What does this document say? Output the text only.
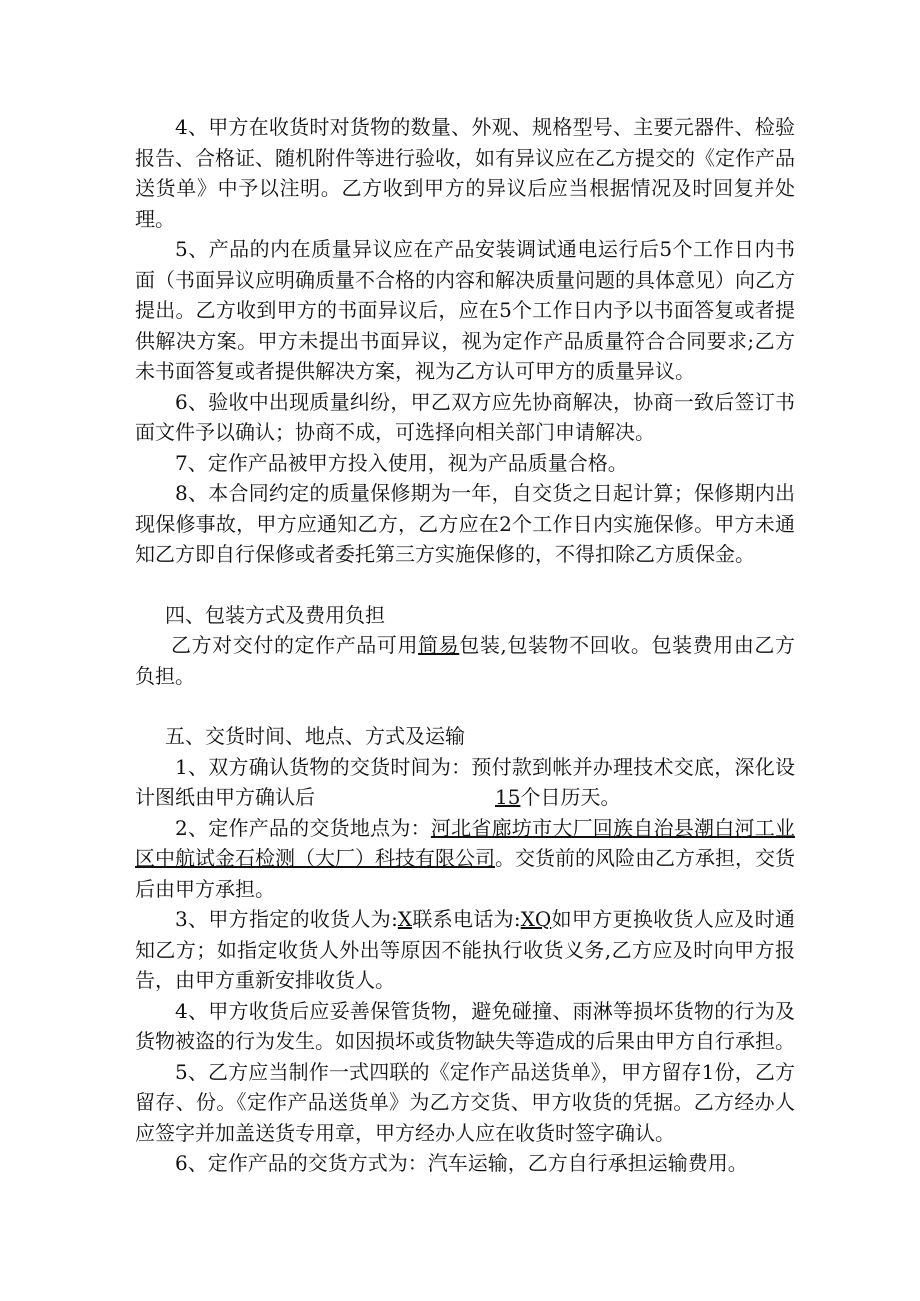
4、甲方在收货时对货物的数量、外观、规格型号、主要元器件、检验报告、合格证、随机附件等进行验收，如有异议应在乙方提交的《定作产品送货单》中予以注明。乙方收到甲方的异议后应当根据情况及时回复并处理。

5、产品的内在质量异议应在产品安装调试通电运行后5个工作日内书面（书面异议应明确质量不合格的内容和解决质量问题的具体意见）向乙方提出。乙方收到甲方的书面异议后，应在5个工作日内予以书面答复或者提供解决方案。甲方未提出书面异议，视为定作产品质量符合合同要求;乙方未书面答复或者提供解决方案，视为乙方认可甲方的质量异议。

6、验收中出现质量纠纷，甲乙双方应先协商解决，协商一致后签订书面文件予以确认；协商不成，可选择向相关部门申请解决。

7、定作产品被甲方投入使用，视为产品质量合格。

8、本合同约定的质量保修期为一年，自交货之日起计算；保修期内出现保修事故，甲方应通知乙方，乙方应在2个工作日内实施保修。甲方未通知乙方即自行保修或者委托第三方实施保修的，不得扣除乙方质保金。

四、包装方式及费用负担

乙方对交付的定作产品可用简易包装,包装物不回收。包装费用由乙方负担。

五、交货时间、地点、方式及运输

1、双方确认货物的交货时间为：预付款到帐并办理技术交底，深化设计图纸由甲方确认后	15个日历天。

2、定作产品的交货地点为：河北省廊坊市大厂回族自治县潮白河工业区中航试金石检测（大厂）科技有限公司。交货前的风险由乙方承担，交货后由甲方承担。

3、甲方指定的收货人为:X联系电话为:XQ如甲方更换收货人应及时通知乙方；如指定收货人外出等原因不能执行收货义务,乙方应及时向甲方报告，由甲方重新安排收货人。

4、甲方收货后应妥善保管货物，避免碰撞、雨淋等损坏货物的行为及货物被盗的行为发生。如因损坏或货物缺失等造成的后果由甲方自行承担。

5、乙方应当制作一式四联的《定作产品送货单》，甲方留存1份，乙方留存、份。《定作产品送货单》为乙方交货、甲方收货的凭据。乙方经办人应签字并加盖送货专用章，甲方经办人应在收货时签字确认。

6、定作产品的交货方式为：汽车运输，乙方自行承担运输费用。
